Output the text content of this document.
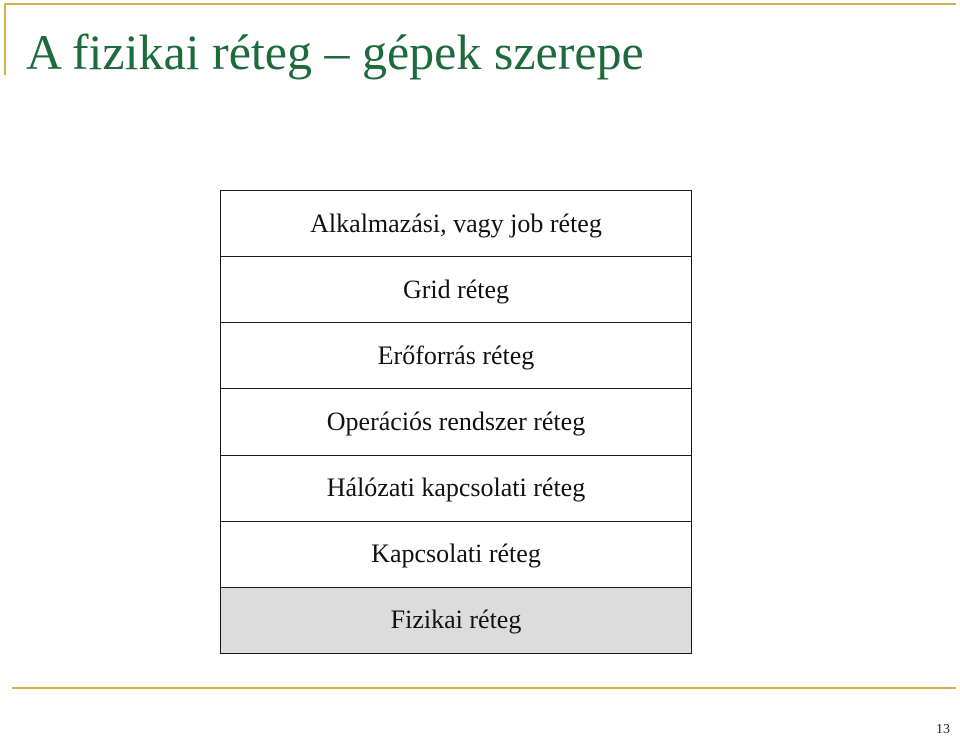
A fizikai réteg – gépek szerepe
Alkalmazási, vagy job réteg
Grid réteg
Erőforrás réteg
Operációs rendszer réteg
Hálózati kapcsolati réteg
Kapcsolati réteg
Fizikai réteg
13
